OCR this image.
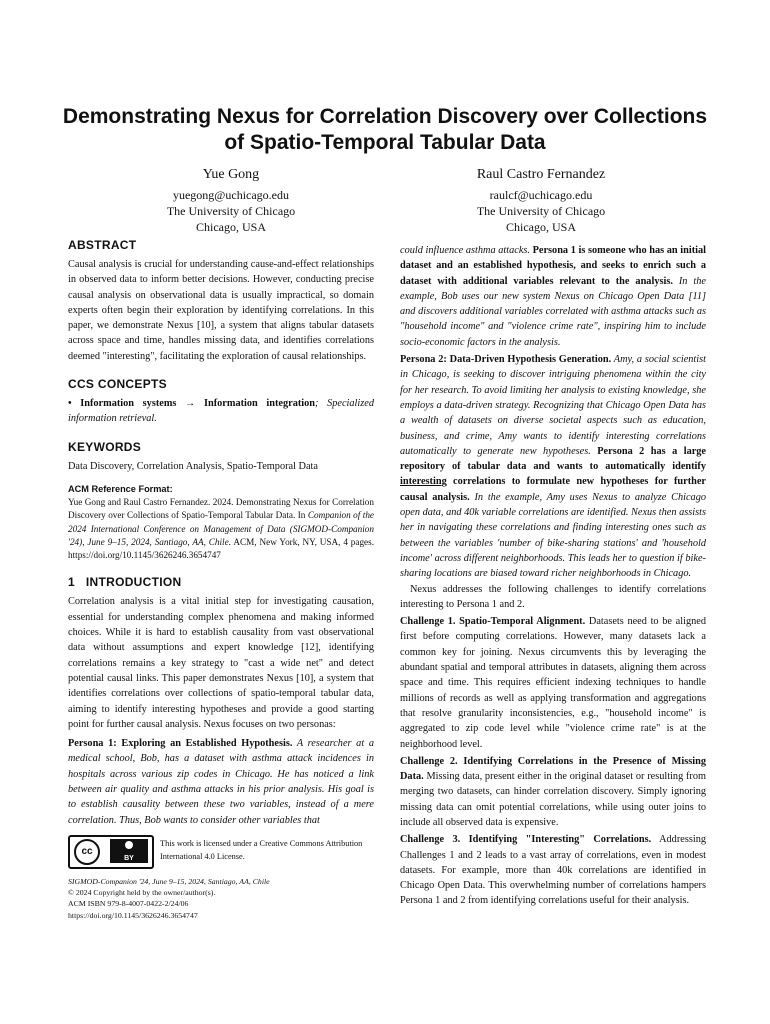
Demonstrating Nexus for Correlation Discovery over Collections
of Spatio-Temporal Tabular Data
Yue Gong
yuegong@uchicago.edu
The University of Chicago
Chicago, USA
Raul Castro Fernandez
raulcf@uchicago.edu
The University of Chicago
Chicago, USA
ABSTRACT

Causal analysis is crucial for understanding cause-and-effect relationships in observed data to inform better decisions. However, conducting precise causal analysis on observational data is usually impractical, so domain experts often begin their exploration by identifying correlations. In this paper, we demonstrate Nexus [10], a system that aligns tabular datasets across space and time, handles missing data, and identifies correlations deemed "interesting", facilitating the exploration of causal relationships.

CCS CONCEPTS

• Information systems → Information integration; Specialized information retrieval.

KEYWORDS

Data Discovery, Correlation Analysis, Spatio-Temporal Data

ACM Reference Format:

Yue Gong and Raul Castro Fernandez. 2024. Demonstrating Nexus for Correlation Discovery over Collections of Spatio-Temporal Tabular Data. In Companion of the 2024 International Conference on Management of Data (SIGMOD-Companion '24), June 9–15, 2024, Santiago, AA, Chile. ACM, New York, NY, USA, 4 pages. https://doi.org/10.1145/3626246.3654747

1   INTRODUCTION

Correlation analysis is a vital initial step for investigating causation, essential for understanding complex phenomena and making informed choices. While it is hard to establish causality from vast observational data without assumptions and expert knowledge [12], identifying correlations remains a key strategy to "cast a wide net" and detect potential causal links. This paper demonstrates Nexus [10], a system that identifies correlations over collections of spatio-temporal tabular data, aiming to identify interesting hypotheses and provide a good starting point for further causal analysis. Nexus focuses on two personas:

Persona 1: Exploring an Established Hypothesis. A researcher at a medical school, Bob, has a dataset with asthma attack incidences in hospitals across various zip codes in Chicago. He has noticed a link between air quality and asthma attacks in his prior analysis. His goal is to establish causality between these two variables, instead of a mere correlation. Thus, Bob wants to consider other variables that

cc
BY
This work is licensed under a Creative Commons Attribution International 4.0 License.
SIGMOD-Companion '24, June 9–15, 2024, Santiago, AA, Chile
© 2024 Copyright held by the owner/author(s).
ACM ISBN 979-8-4007-0422-2/24/06
https://doi.org/10.1145/3626246.3654747

could influence asthma attacks. Persona 1 is someone who has an initial dataset and an established hypothesis, and seeks to enrich such a dataset with additional variables relevant to the analysis. In the example, Bob uses our new system Nexus on Chicago Open Data [11] and discovers additional variables correlated with asthma attacks such as "household income" and "violence crime rate", inspiring him to include socio-economic factors in the analysis.

Persona 2: Data-Driven Hypothesis Generation. Amy, a social scientist in Chicago, is seeking to discover intriguing phenomena within the city for her research. To avoid limiting her analysis to existing knowledge, she employs a data-driven strategy. Recognizing that Chicago Open Data has a wealth of datasets on diverse societal aspects such as education, business, and crime, Amy wants to identify interesting correlations automatically to generate new hypotheses. Persona 2 has a large repository of tabular data and wants to automatically identify interesting correlations to formulate new hypotheses for further causal analysis. In the example, Amy uses Nexus to analyze Chicago open data, and 40k variable correlations are identified. Nexus then assists her in navigating these correlations and finding interesting ones such as between the variables 'number of bike-sharing stations' and 'household income' across different neighborhoods. This leads her to question if bike-sharing locations are biased toward richer neighborhoods in Chicago.

Nexus addresses the following challenges to identify correlations interesting to Persona 1 and 2.

Challenge 1. Spatio-Temporal Alignment. Datasets need to be aligned first before computing correlations. However, many datasets lack a common key for joining. Nexus circumvents this by leveraging the abundant spatial and temporal attributes in datasets, aligning them across space and time. This requires efficient indexing techniques to handle millions of records as well as applying transformation and aggregations that resolve granularity inconsistencies, e.g., "household income" is aggregated to zip code level while "violence crime rate" is at the neighborhood level.

Challenge 2. Identifying Correlations in the Presence of Missing Data. Missing data, present either in the original dataset or resulting from merging two datasets, can hinder correlation discovery. Simply ignoring missing data can omit potential correlations, while using outer joins to include all observed data is expensive.

Challenge 3. Identifying "Interesting" Correlations. Addressing Challenges 1 and 2 leads to a vast array of correlations, even in modest datasets. For example, more than 40k correlations are identified in Chicago Open Data. This overwhelming number of correlations hampers Persona 1 and 2 from identifying correlations useful for their analysis.
